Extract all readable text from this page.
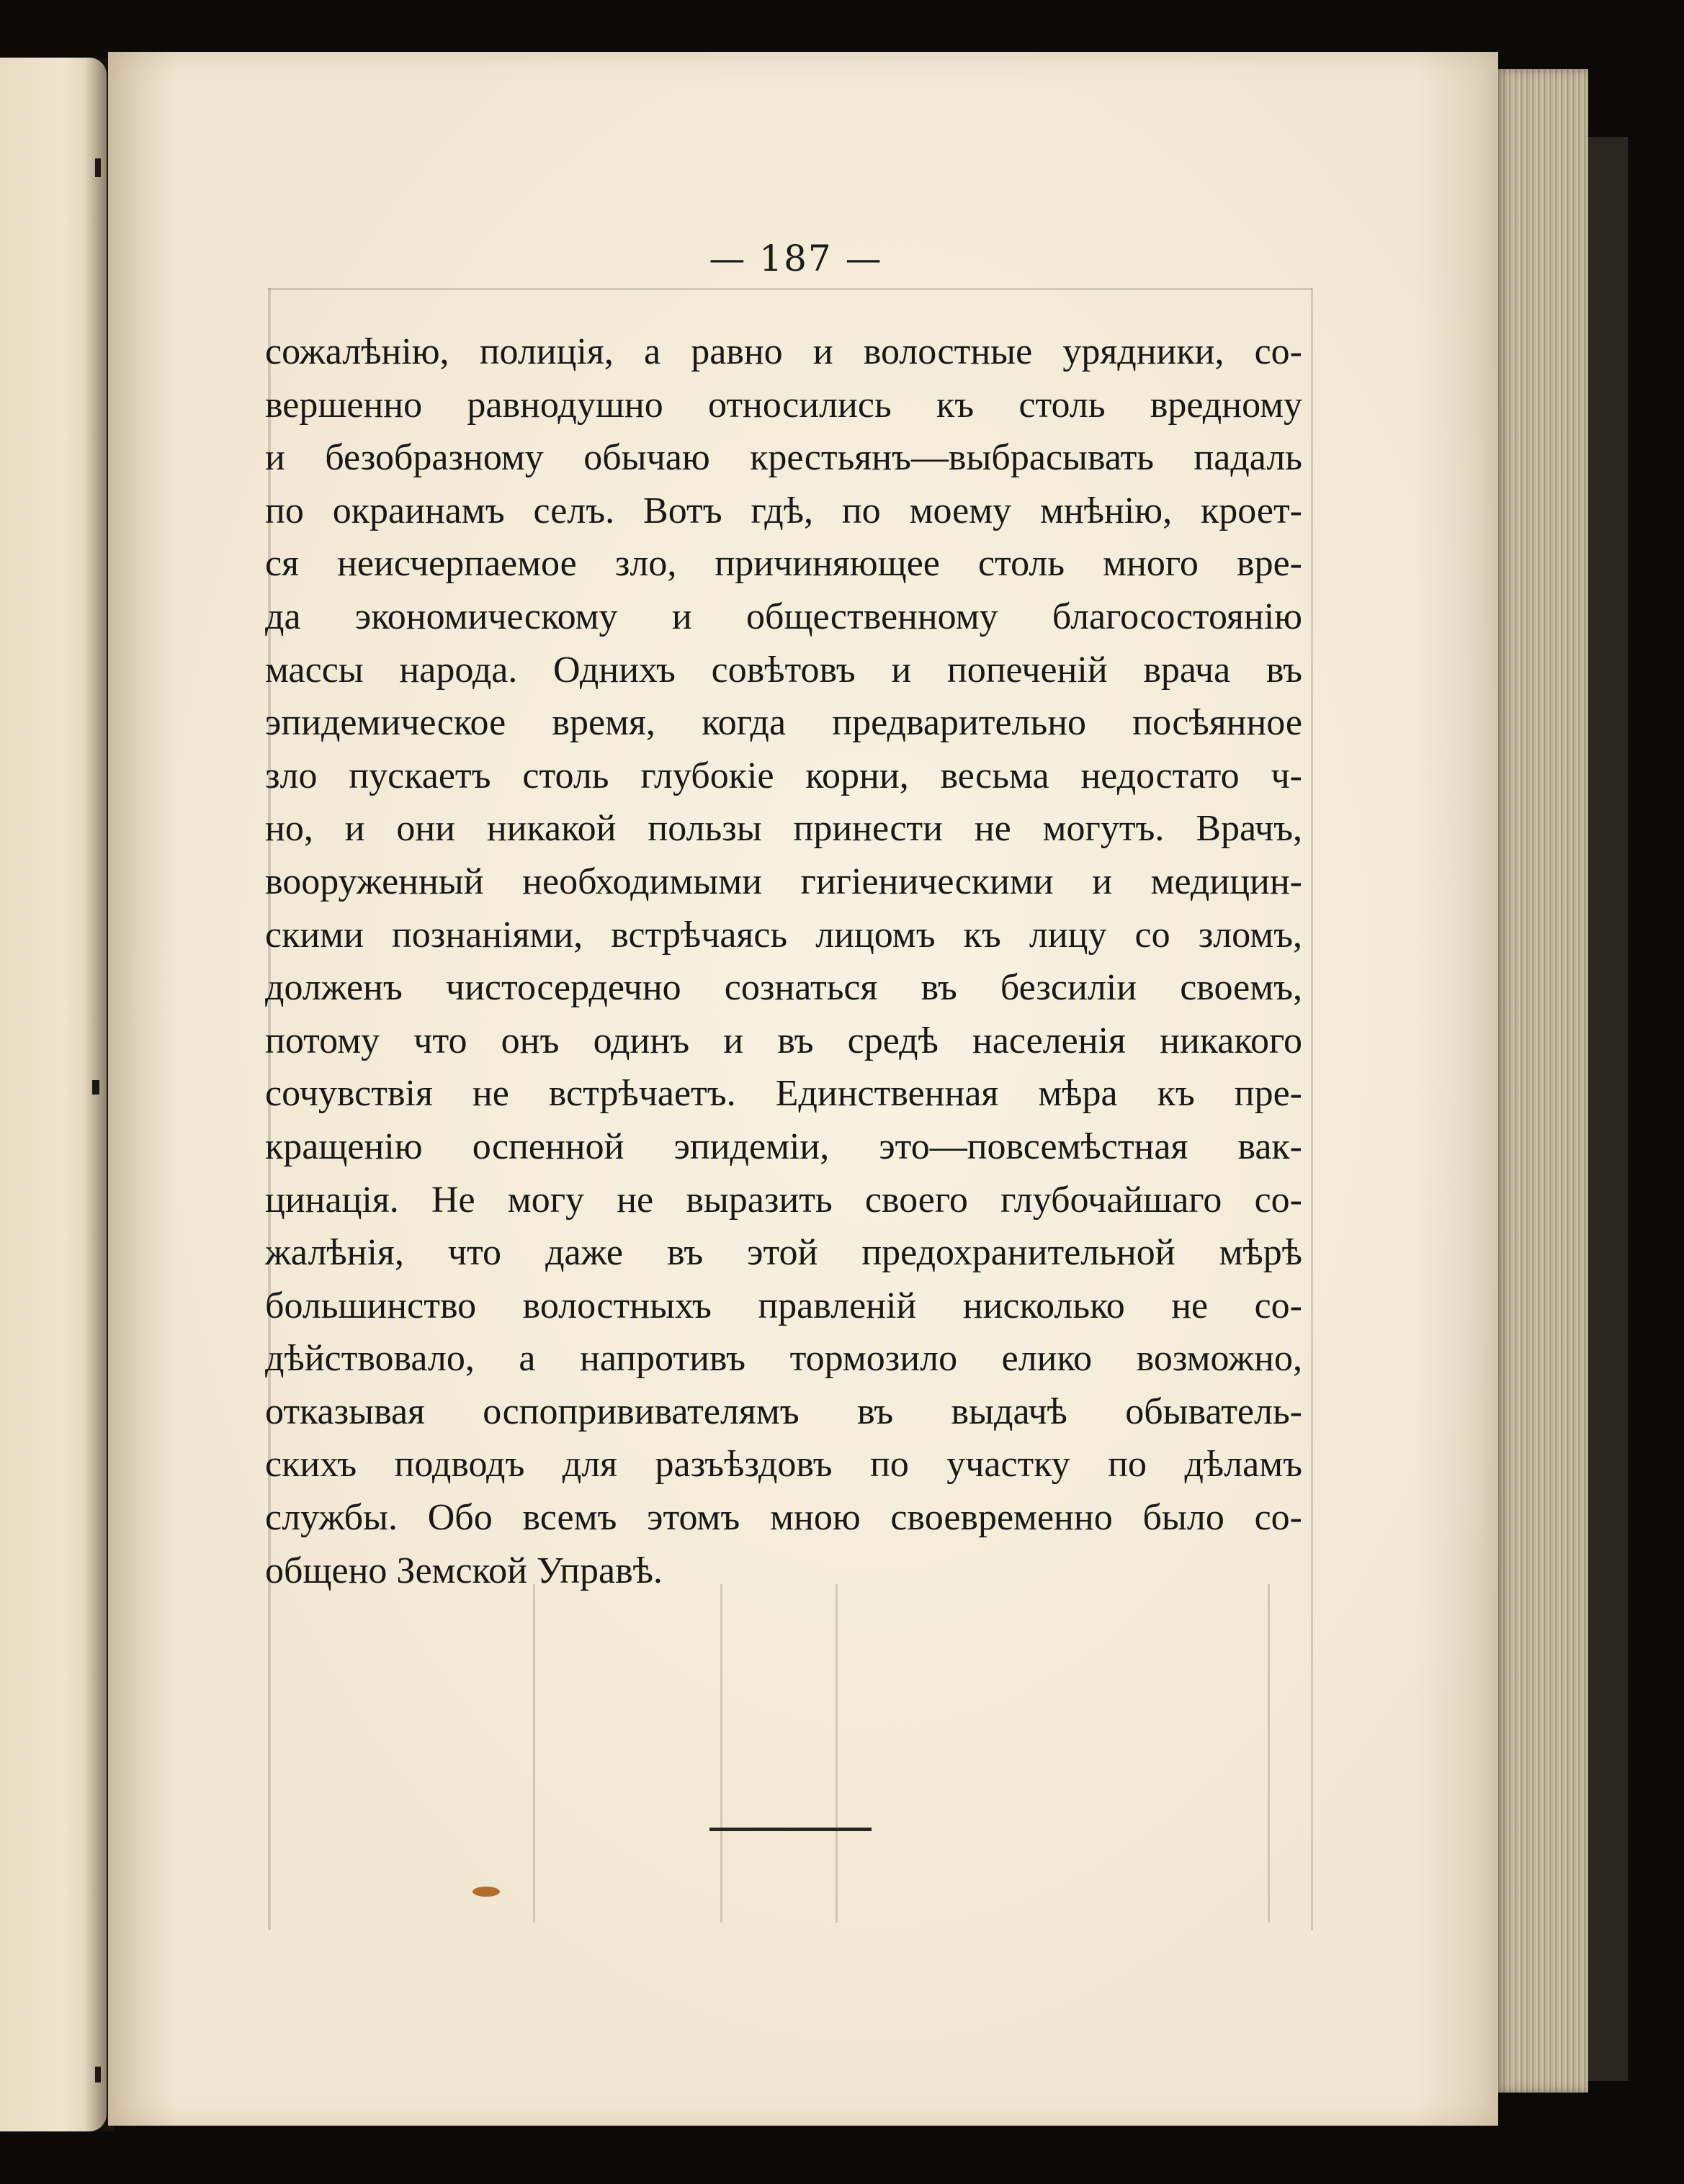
— 187 —
сожалѣнію, полиція, а равно и волостные урядники, со-
вершенно равнодушно относились къ столь вредному
и безобразному обычаю крестьянъ—выбрасывать падаль
по окраинамъ селъ. Вотъ гдѣ, по моему мнѣнію, кроет-
ся неисчерпаемое зло, причиняющее столь много вре-
да экономическому и общественному благосостоянію
массы народа. Однихъ совѣтовъ и попеченій врача въ
эпидемическое время, когда предварительно посѣянное
зло пускаетъ столь глубокіе корни, весьма недостато ч-
но, и они никакой пользы принести не могутъ. Врачъ,
вооруженный необходимыми гигіеническими и медицин-
скими познаніями, встрѣчаясь лицомъ къ лицу со зломъ,
долженъ чистосердечно сознаться въ безсиліи своемъ,
потому что онъ одинъ и въ средѣ населенія никакого
сочувствія не встрѣчаетъ. Единственная мѣра къ пре-
кращенію оспенной эпидеміи, это—повсемѣстная вак-
цинація. Не могу не выразить своего глубочайшаго со-
жалѣнія, что даже въ этой предохранительной мѣрѣ
большинство волостныхъ правленій нисколько не со-
дѣйствовало, а напротивъ тормозило елико возможно,
отказывая оспопрививателямъ въ выдачѣ обыватель-
скихъ подводъ для разъѣздовъ по участку по дѣламъ
службы. Обо всемъ этомъ мною своевременно было со-
общено Земской Управѣ.
